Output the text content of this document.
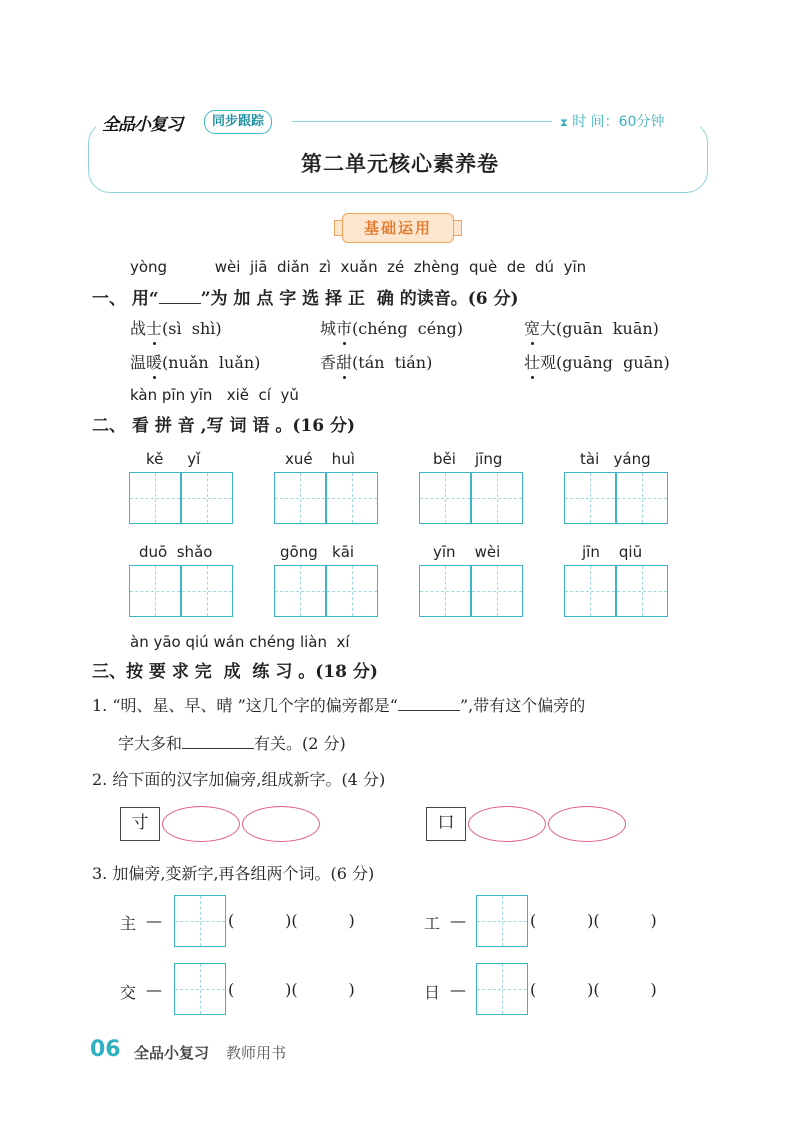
全品小复习	同步跟踪	⧗ 时 间：60分钟
第二单元核心素养卷
基础运用
yòng          wèi  jiā  diǎn  zì  xuǎn  zé  zhèng  què  de  dú  yīn
一、 用“ ”为 加 点 字 选 择 正  确 的读音。(6 分)
战士(sì  shì)	城市(chéng  céng)	宽大(guān  kuān)
温暖(nuǎn  luǎn)	香甜(tán  tián)	壮观(guāng  guān)
kàn pīn yīn   xiě  cí  yǔ
二、 看 拼 音 ,写 词 语 。(16 分)
kě     yǐ	xué    huì	běi    jīng	tài   yáng
duō  shǎo	gōng   kāi	yīn    wèi	jīn    qiū
àn yāo qiú wán chéng liàn  xí
三、按 要 求 完  成  练 习 。(18 分)
1. “明、星、早、晴 ”这几个字的偏旁都是“	”,带有这个偏旁的
字大多和	有关。(2 分)
2. 给下面的汉字加偏旁,组成新字。(4 分)
寸	口
3. 加偏旁,变新字,再各组两个词。(6 分)
主 —	(          )(          )	工 —	(          )(          )
交 —	(          )(          )	日 —	(          )(          )
06 全品小复习 教师用书
